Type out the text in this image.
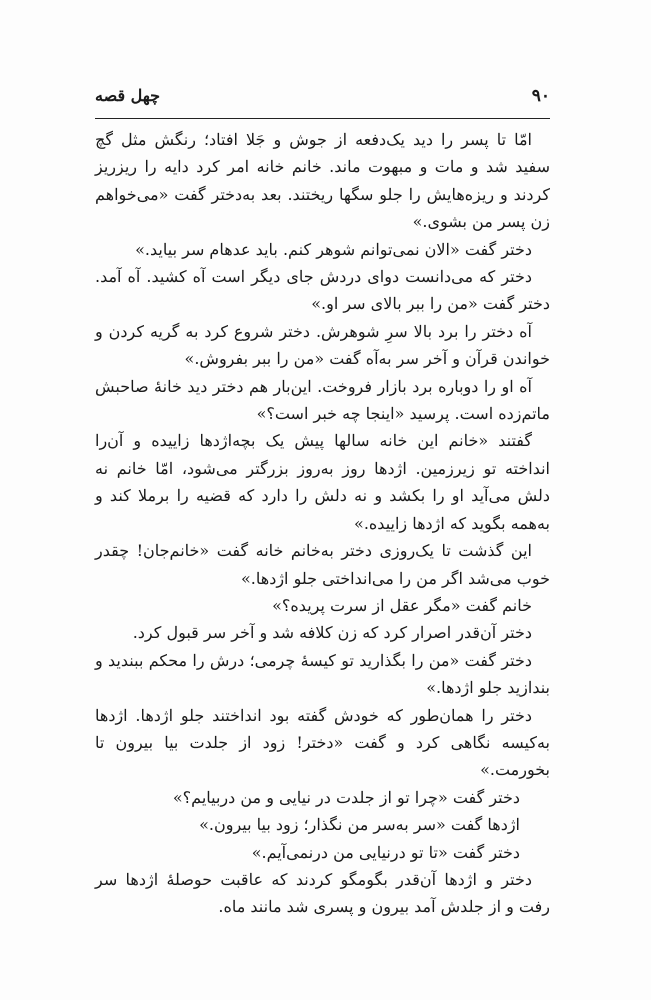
۹۰
چهل قصه

امّا تا پسر را دید یک‌دفعه از جوش و جَلا افتاد؛ رنگش مثل گچ سفید شد و مات و مبهوت ماند. خانم خانه امر کرد دایه را ریزریز کردند و ریزه‌هایش را جلو سگها ریختند. بعد به‌دختر گفت «می‌خواهم زن پسر من بشوی.»

دختر گفت «الان نمی‌توانم شوهر کنم. باید عدهام سر بیاید.»

دختر که می‌دانست دوای درد‌ش جای دیگر است آه کشید. آه آمد. دختر گفت «من را ببر بالای سر او.»

آه دختر را برد بالا سرِ شوهرش. دختر شروع کرد به گریه کردن و خواندن قرآن و آخر سر به‌آه گفت «من را ببر بفروش.»

آه او را دوباره برد بازار فروخت. این‌بار هم دختر دید خانهٔ صاحبش ماتم‌زده است. پرسید «اینجا چه خبر است؟»

گفتند «خانم این خانه سالها پیش یک بچه‌اژدها زاییده و آن‌را انداخته تو زیرزمین. اژدها روز به‌روز بزرگتر می‌شود، امّا خانم نه دلش می‌آید او را بکشد و نه دلش را دارد که قضیه را برملا کند و به‌همه بگوید که اژدها زاییده.»

این گذشت تا یک‌روزی دختر به‌خانم خانه گفت «خانم‌جان! چقدر خوب می‌شد اگر من را می‌انداختی جلو اژدها.»

خانم گفت «مگر عقل از سرت پریده؟»

دختر آن‌قدر اصرار کرد که زن کلافه شد و آخر سر قبول کرد.

دختر گفت «من را بگذارید تو کیسهٔ چرمی؛ درش را محکم ببندید و بندازید جلو اژدها.»

دختر را همان‌طور که خودش گفته بود انداختند جلو اژدها. اژدها به‌کیسه نگاهی کرد و گفت «دختر! زود از جلدت بیا بیرون تا بخورمت.»

دختر گفت «چرا تو از جلدت در نیایی و من دربیایم؟»

اژدها گفت «سر به‌سر من نگذار؛ زود بیا بیرون.»

دختر گفت «تا تو درنیایی من درنمی‌آیم.»

دختر و اژدها آن‌قدر بگومگو کردند که عاقبت حوصلهٔ اژدها سر رفت و از جلدش آمد بیرون و پسری شد مانند ماه.
